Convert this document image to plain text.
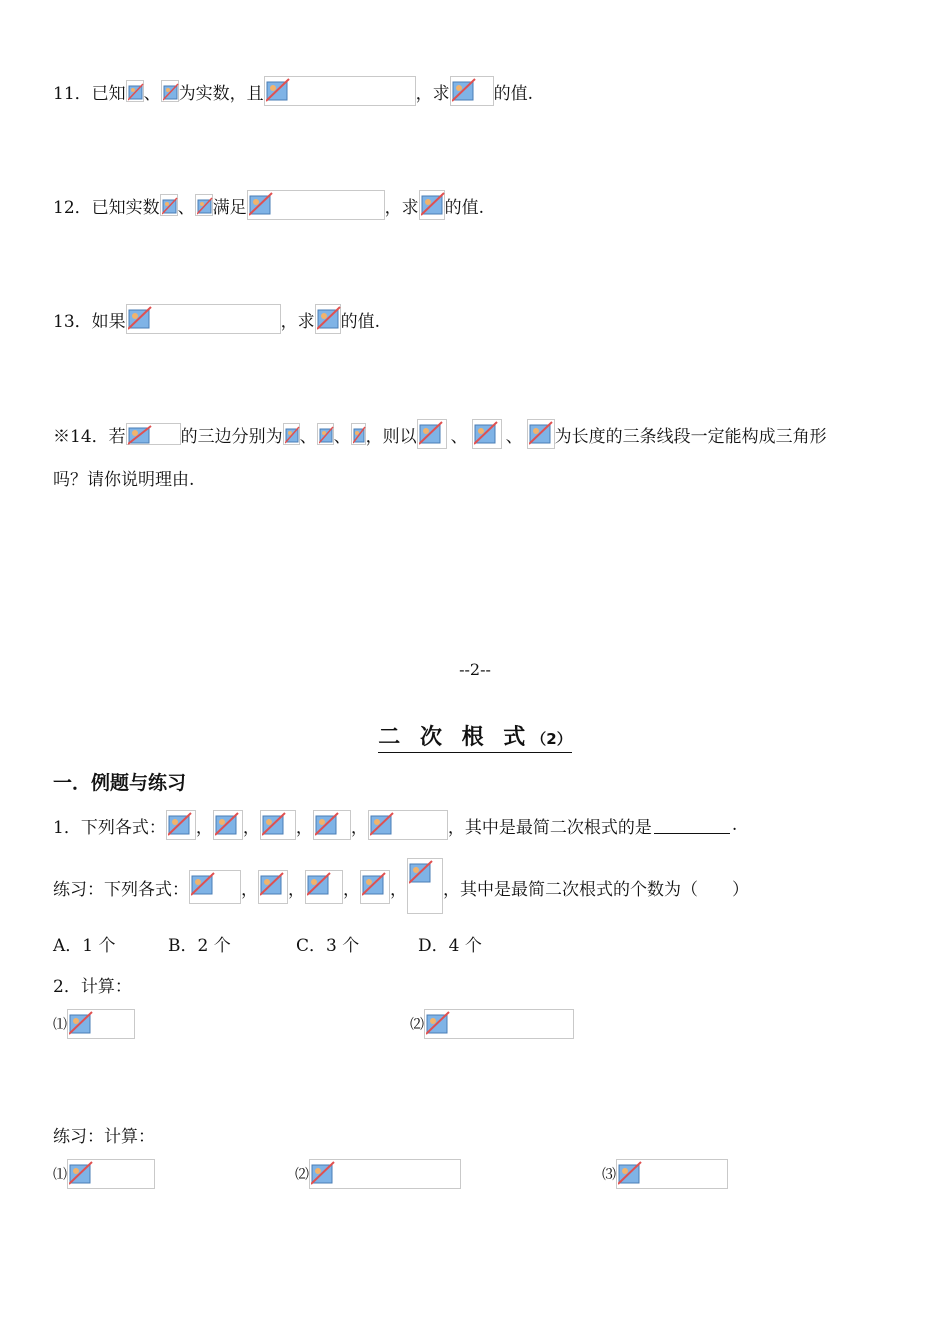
11．已知 、 为实数，且	，求	的值.
12．已知实数 、 满足	，求 的值.
13．如果	，求 的值.
※14．若	的三边分别为 、 、 ，则以 、 、 为长度的三条线段一定能构成三角形
吗？请你说明理由.
--2--
二 次 根 式（2）
一．例题与练习
1．下列各式： ， ， ， ，	，其中是最简二次根式的是	.
练习：下列各式：	， ， ， ， ，其中是最简二次根式的个数为（　　）
A．1 个	B．2 个	C．3 个	D．4 个
2．计算：
⑴	⑵
练习：计算：
⑴	⑵	⑶
